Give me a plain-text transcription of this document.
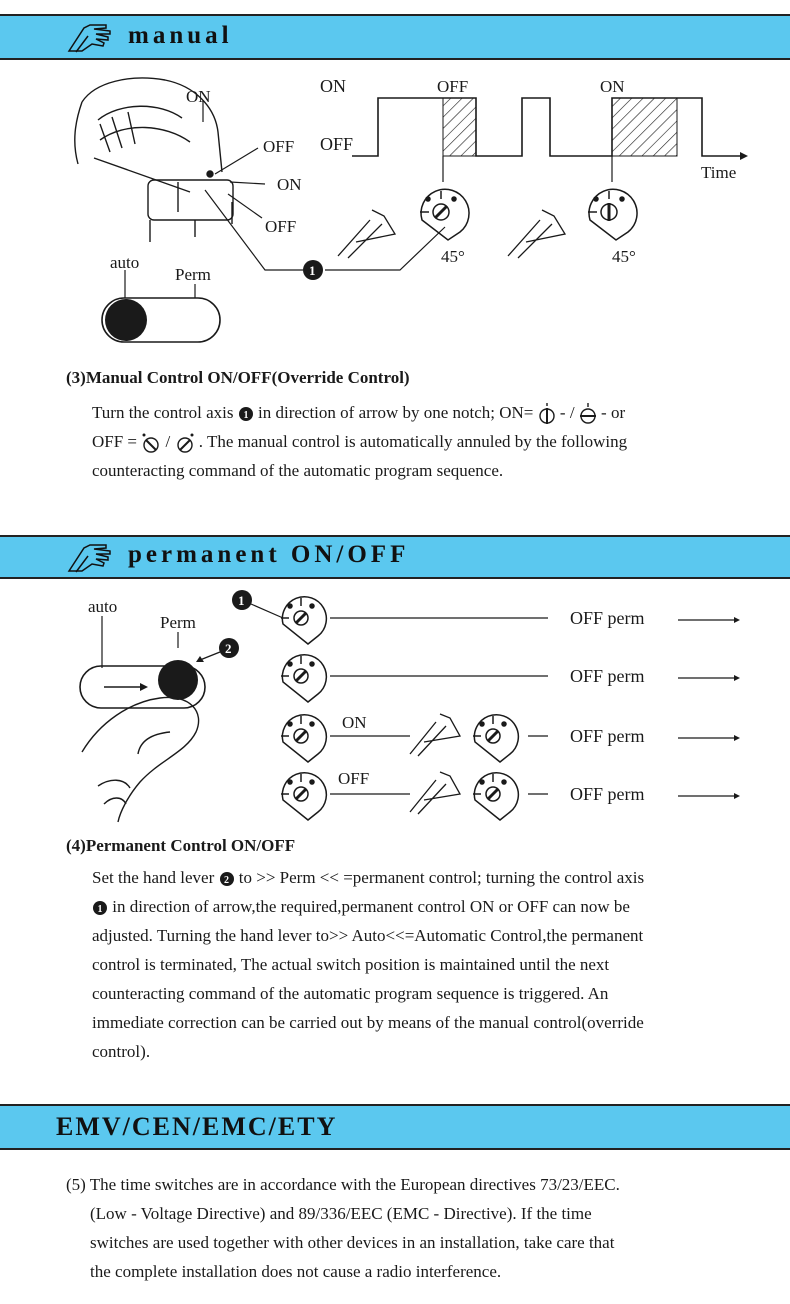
manual
ON
OFF
ON
OFF
1
auto
Perm
ON
OFF
OFF	ON
Time
45°	45°
(3)Manual Control ON/OFF(Override Control)
Turn the control axis 1 in direction of arrow by one notch; ON= - / - or
OFF = / . The manual control is automatically annuled by the following
counteracting command of the automatic program sequence.
permanent ON/OFF
auto
Perm
2
1
OFF perm
OFF perm
ON
OFF perm
OFF
OFF perm
(4)Permanent Control ON/OFF
Set the hand lever 2 to >> Perm << =permanent control; turning the control axis
1 in direction of arrow,the required,permanent control ON or OFF can now be
adjusted. Turning the hand lever to>> Auto<<=Automatic Control,the permanent
control is terminated, The actual switch position is maintained until the next
counteracting command of the automatic program sequence is triggered. An
immediate correction can be carried out by means of the manual control(override
control).
EMV/CEN/EMC/ETY
(5) The time switches are in accordance with the European directives 73/23/EEC.
(Low - Voltage Directive) and 89/336/EEC (EMC - Directive). If the time
switches are used together with other devices in an installation, take care that
the complete installation does not cause a radio interference.
